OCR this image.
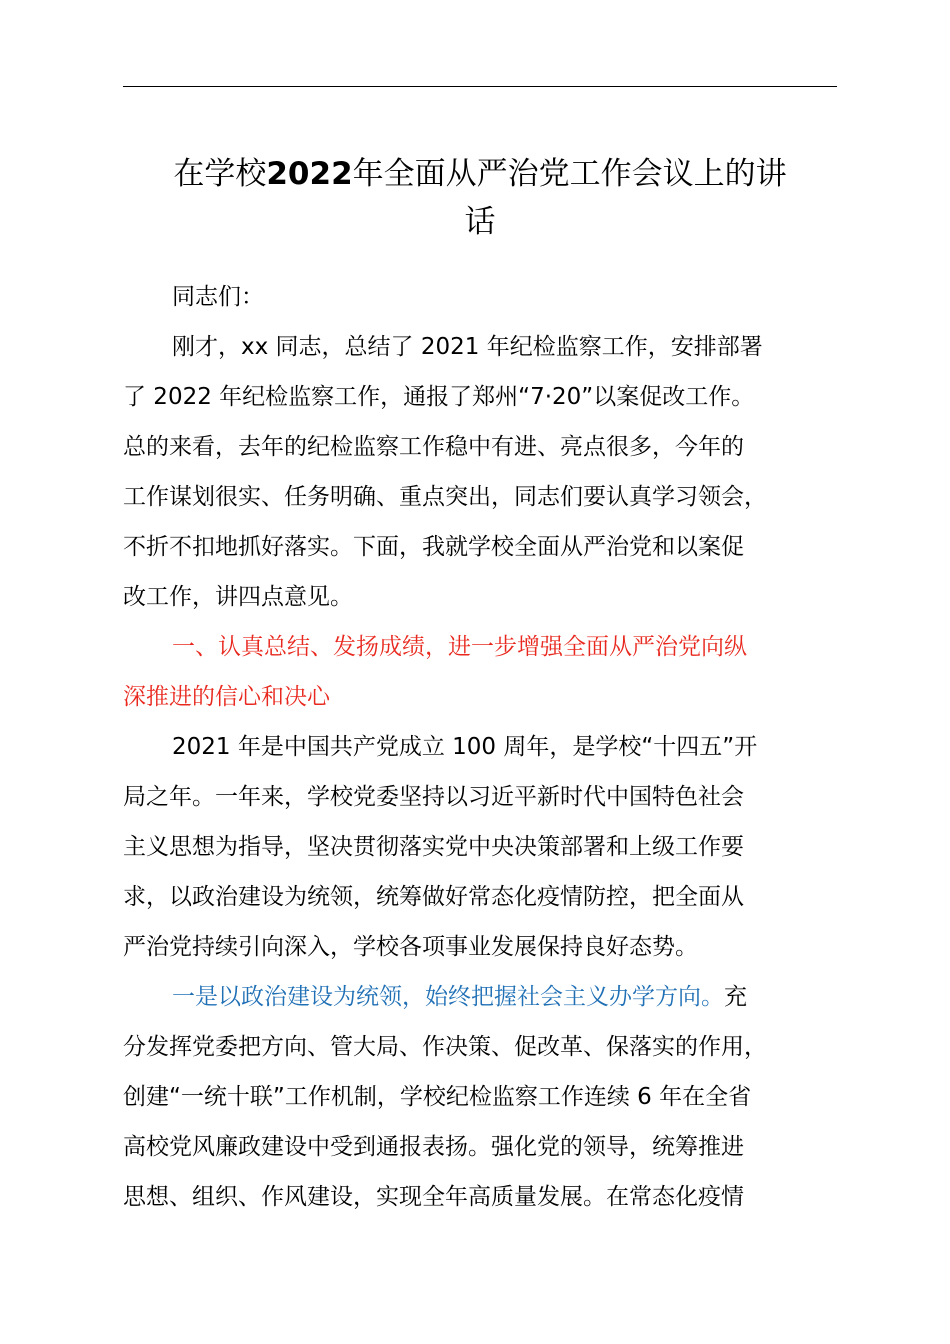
在学校2022年全面从严治党工作会议上的讲
话
同志们：
刚才，xx 同志，总结了 2021 年纪检监察工作，安排部署
了 2022 年纪检监察工作，通报了郑州“7·20”以案促改工作。
总的来看，去年的纪检监察工作稳中有进、亮点很多，今年的
工作谋划很实、任务明确、重点突出，同志们要认真学习领会，
不折不扣地抓好落实。下面，我就学校全面从严治党和以案促
改工作，讲四点意见。
一、认真总结、发扬成绩，进一步增强全面从严治党向纵
深推进的信心和决心
2021 年是中国共产党成立 100 周年，是学校“十四五”开
局之年。一年来，学校党委坚持以习近平新时代中国特色社会
主义思想为指导，坚决贯彻落实党中央决策部署和上级工作要
求，以政治建设为统领，统筹做好常态化疫情防控，把全面从
严治党持续引向深入，学校各项事业发展保持良好态势。
一是以政治建设为统领，始终把握社会主义办学方向。充
分发挥党委把方向、管大局、作决策、促改革、保落实的作用，
创建“一统十联”工作机制，学校纪检监察工作连续 6 年在全省
高校党风廉政建设中受到通报表扬。强化党的领导，统筹推进
思想、组织、作风建设，实现全年高质量发展。在常态化疫情
